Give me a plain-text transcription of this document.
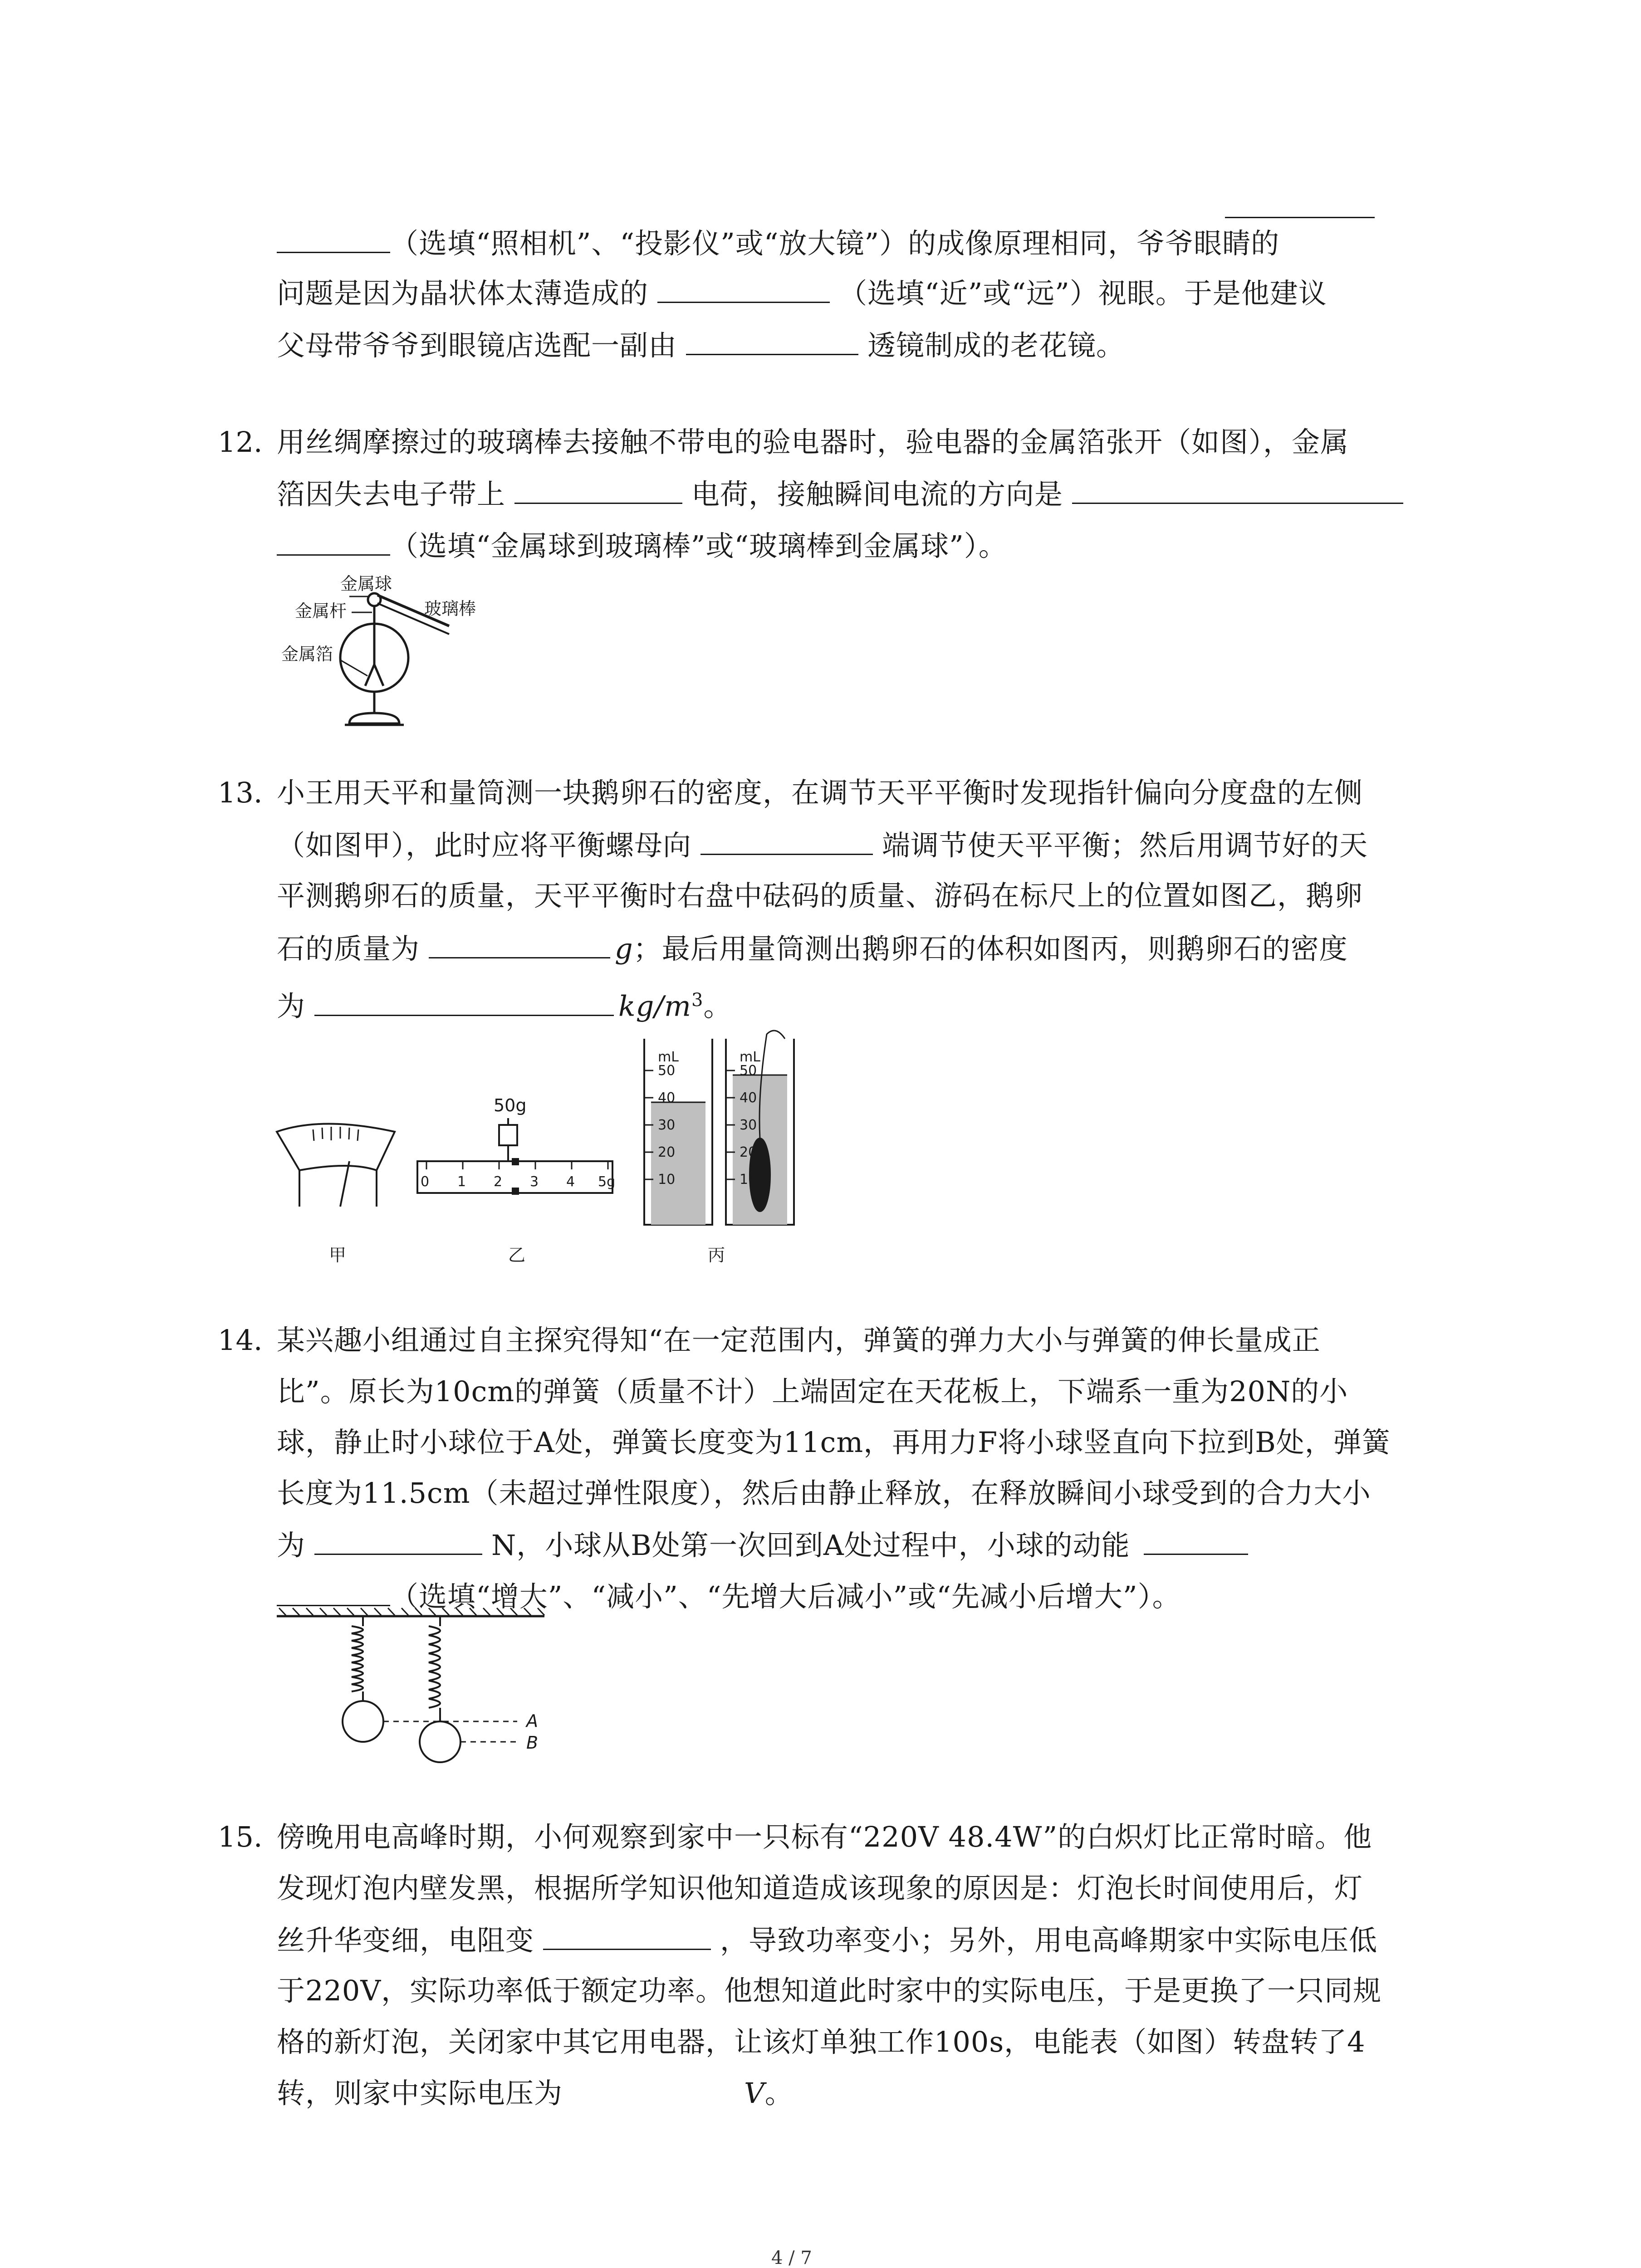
（选填“照相机”、“投影仪”或“放大镜”）的成像原理相同，爷爷眼睛的
问题是因为晶状体太薄造成的	（选填“近”或“远”）视眼。于是他建议
父母带爷爷到眼镜店选配一副由	透镜制成的老花镜。
12. 用丝绸摩擦过的玻璃棒去接触不带电的验电器时，验电器的金属箔张开（如图），金属
箔因失去电子带上	电荷，接触瞬间电流的方向是
（选填“金属球到玻璃棒”或“玻璃棒到金属球”）。
金属球
金属杆	玻璃棒
金属箔
13. 小王用天平和量筒测一块鹅卵石的密度，在调节天平平衡时发现指针偏向分度盘的左侧
（如图甲），此时应将平衡螺母向	端调节使天平平衡；然后用调节好的天
平测鹅卵石的质量，天平平衡时右盘中砝码的质量、游码在标尺上的位置如图乙，鹅卵
石的质量为	g；最后用量筒测出鹅卵石的体积如图丙，则鹅卵石的密度
为	$kg/m^3$。
甲
50g
0 1 2 3 4 5g
乙
mL
50
40
30
20
10
mL
50
40
30
20
10
丙
14. 某兴趣小组通过自主探究得知“在一定范围内，弹簧的弹力大小与弹簧的伸长量成正
比”。原长为10cm的弹簧（质量不计）上端固定在天花板上，下端系一重为20N的小
球，静止时小球位于A处，弹簧长度变为11cm，再用力F将小球竖直向下拉到B处，弹簧
长度为11.5cm（未超过弹性限度），然后由静止释放，在释放瞬间小球受到的合力大小
为	N，小球从B处第一次回到A处过程中，小球的动能
（选填“增大”、“减小”、“先增大后减小”或“先减小后增大”）。
A
B
15. 傍晚用电高峰时期，小何观察到家中一只标有“220V 48.4W”的白炽灯比正常时暗。他
发现灯泡内壁发黑，根据所学知识他知道造成该现象的原因是：灯泡长时间使用后，灯
丝升华变细，电阻变	，导致功率变小；另外，用电高峰期家中实际电压低
于220V，实际功率低于额定功率。他想知道此时家中的实际电压，于是更换了一只同规
格的新灯泡，关闭家中其它用电器，让该灯单独工作100s，电能表（如图）转盘转了4
转，则家中实际电压为	V。
4 / 7
